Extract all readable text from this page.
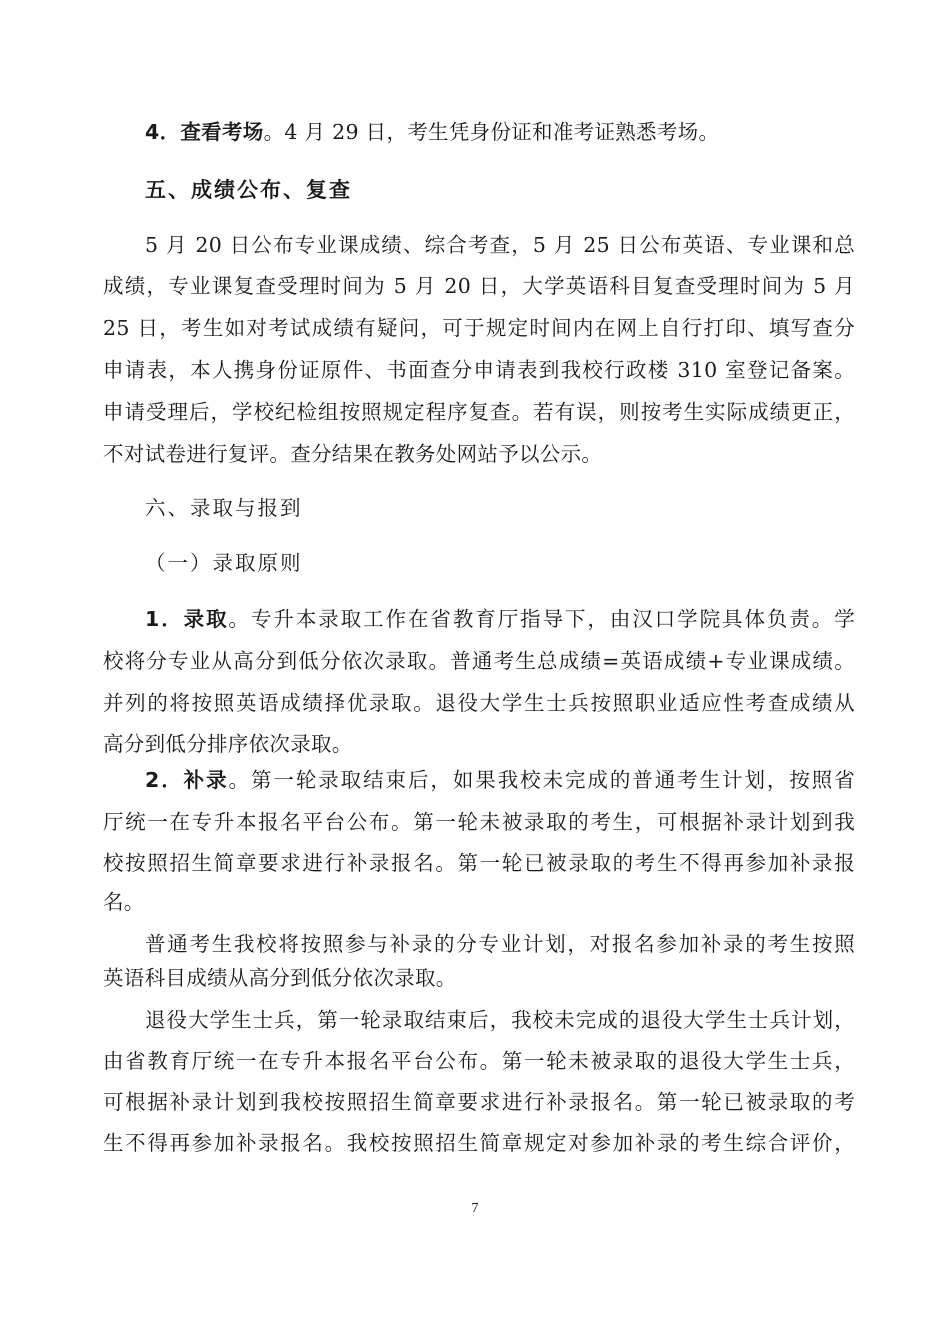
4．查看考场。4 月 29 日，考生凭身份证和准考证熟悉考场。
五、成绩公布、复查
5 月 20 日公布专业课成绩、综合考查，5 月 25 日公布英语、专业课和总
成绩，专业课复查受理时间为 5 月 20 日，大学英语科目复查受理时间为 5 月
25 日，考生如对考试成绩有疑问，可于规定时间内在网上自行打印、填写查分
申请表，本人携身份证原件、书面查分申请表到我校行政楼 310 室登记备案。
申请受理后，学校纪检组按照规定程序复查。若有误，则按考生实际成绩更正，
不对试卷进行复评。查分结果在教务处网站予以公示。
六、录取与报到
（一）录取原则
1．录取。专升本录取工作在省教育厅指导下，由汉口学院具体负责。学
校将分专业从高分到低分依次录取。普通考生总成绩=英语成绩+专业课成绩。
并列的将按照英语成绩择优录取。退役大学生士兵按照职业适应性考查成绩从
高分到低分排序依次录取。
2．补录。第一轮录取结束后，如果我校未完成的普通考生计划，按照省
厅统一在专升本报名平台公布。第一轮未被录取的考生，可根据补录计划到我
校按照招生简章要求进行补录报名。第一轮已被录取的考生不得再参加补录报
名。
普通考生我校将按照参与补录的分专业计划，对报名参加补录的考生按照
英语科目成绩从高分到低分依次录取。
退役大学生士兵，第一轮录取结束后，我校未完成的退役大学生士兵计划，
由省教育厅统一在专升本报名平台公布。第一轮未被录取的退役大学生士兵，
可根据补录计划到我校按照招生简章要求进行补录报名。第一轮已被录取的考
生不得再参加补录报名。我校按照招生简章规定对参加补录的考生综合评价，
7
